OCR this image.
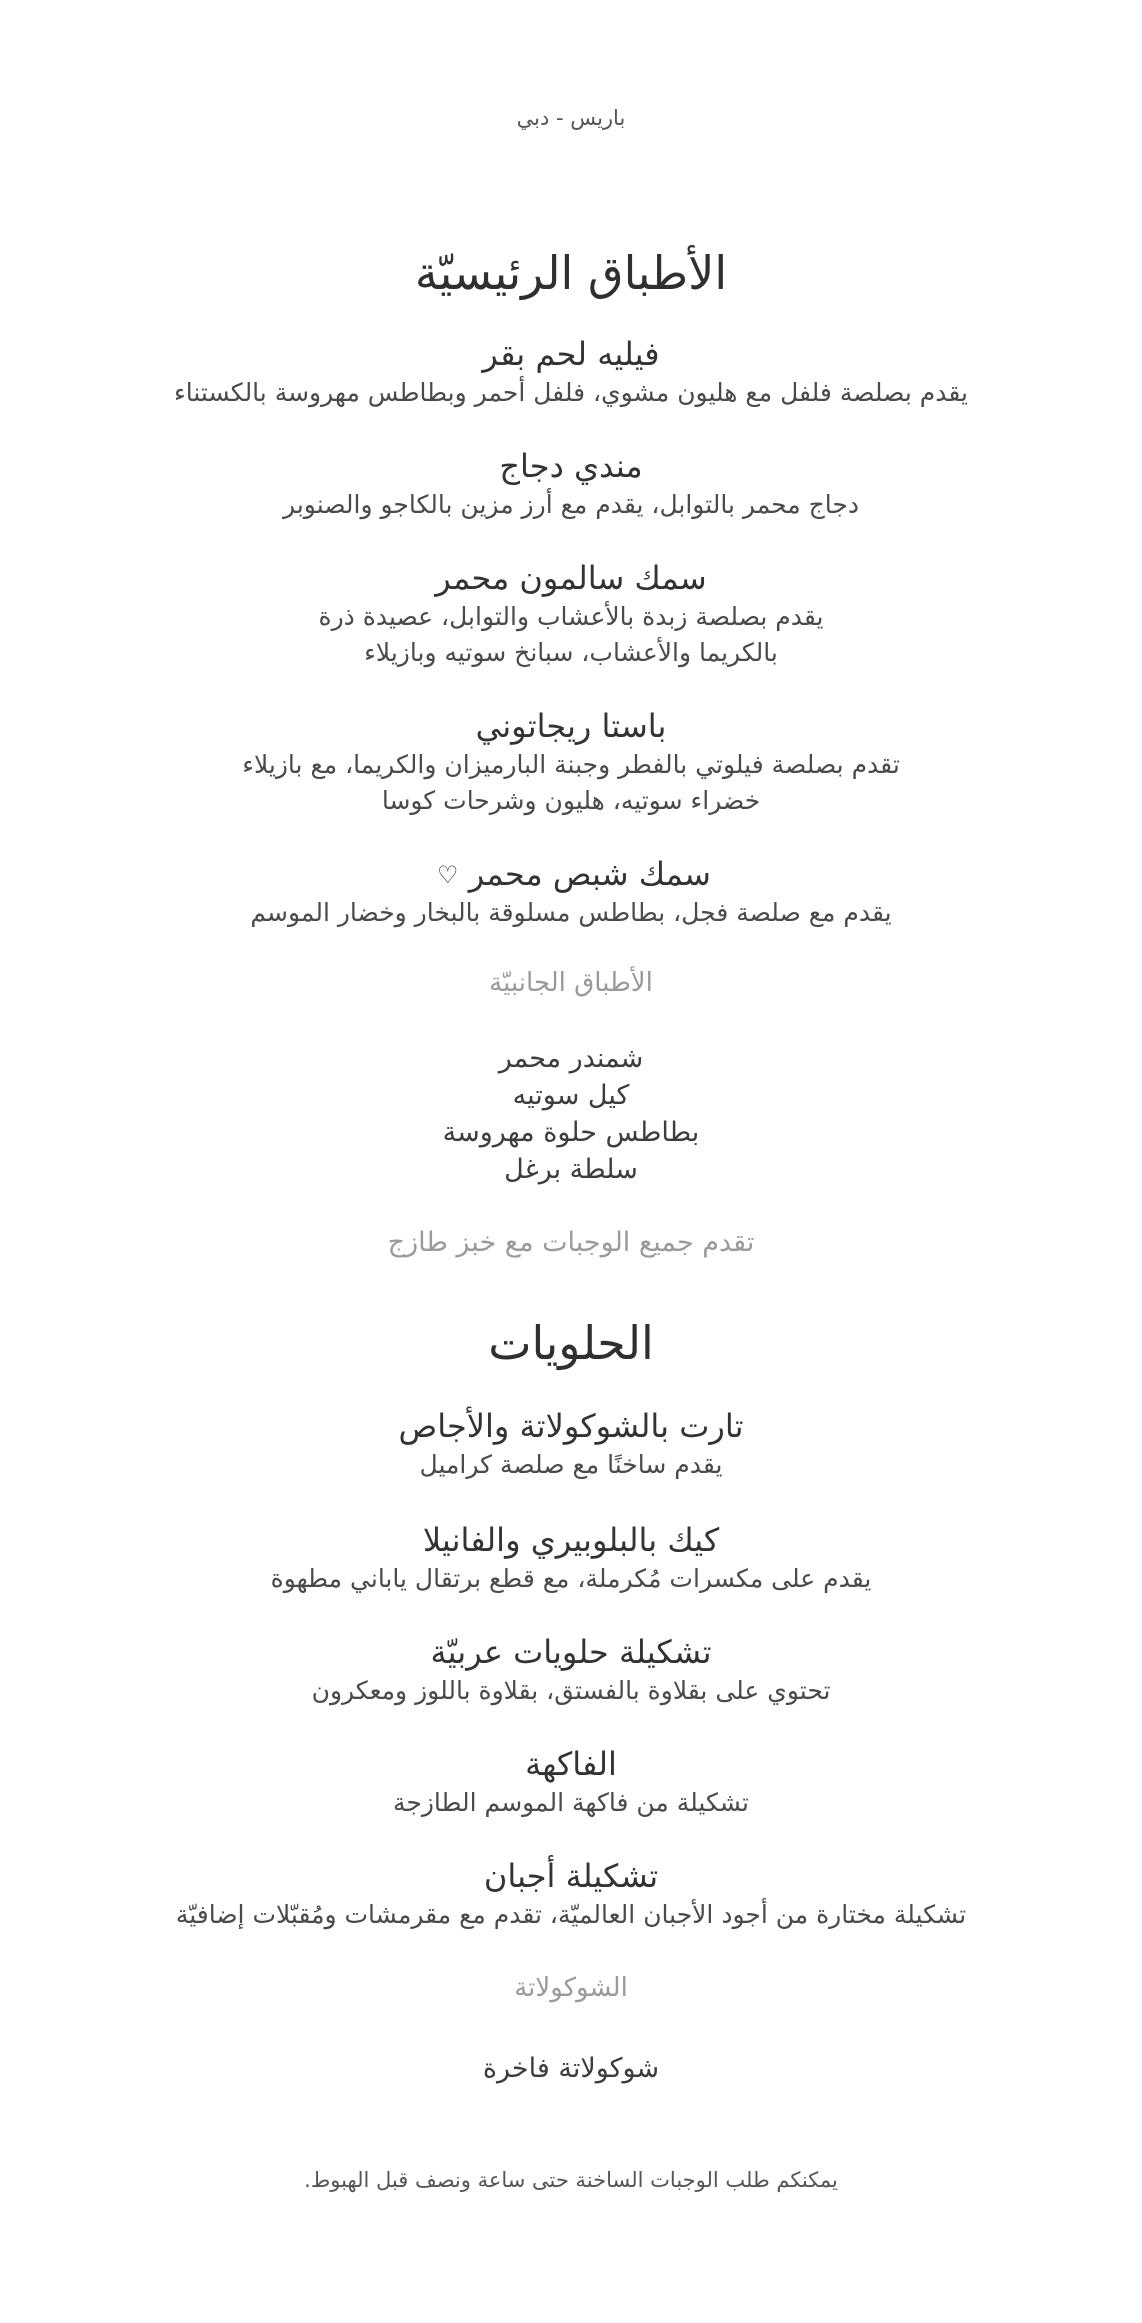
باريس - دبي
الأطباق الرئيسيّة
فيليه لحم بقر
يقدم بصلصة فلفل مع هليون مشوي، فلفل أحمر وبطاطس مهروسة بالكستناء
مندي دجاج
دجاج محمر بالتوابل، يقدم مع أرز مزين بالكاجو والصنوبر
سمك سالمون محمر
يقدم بصلصة زبدة بالأعشاب والتوابل، عصيدة ذرة بالكريما والأعشاب، سبانخ سوتيه وبازيلاء
باستا ريجاتوني
تقدم بصلصة فيلوتي بالفطر وجبنة البارميزان والكريما، مع بازيلاء خضراء سوتيه، هليون وشرحات كوسا
سمك شبص محمر ♡
يقدم مع صلصة فجل، بطاطس مسلوقة بالبخار وخضار الموسم
الأطباق الجانبيّة
شمندر محمر
كيل سوتيه
بطاطس حلوة مهروسة
سلطة برغل
تقدم جميع الوجبات مع خبز طازج
الحلويات
تارت بالشوكولاتة والأجاص
يقدم ساخنًا مع صلصة كراميل
كيك بالبلوبيري والفانيلا
يقدم على مكسرات مُكرملة، مع قطع برتقال ياباني مطهوة
تشكيلة حلويات عربيّة
تحتوي على بقلاوة بالفستق، بقلاوة باللوز ومعكرون
الفاكهة
تشكيلة من فاكهة الموسم الطازجة
تشكيلة أجبان
تشكيلة مختارة من أجود الأجبان العالميّة، تقدم مع مقرمشات ومُقبّلات إضافيّة
الشوكولاتة
شوكولاتة فاخرة
يمكنكم طلب الوجبات الساخنة حتى ساعة ونصف قبل الهبوط.
